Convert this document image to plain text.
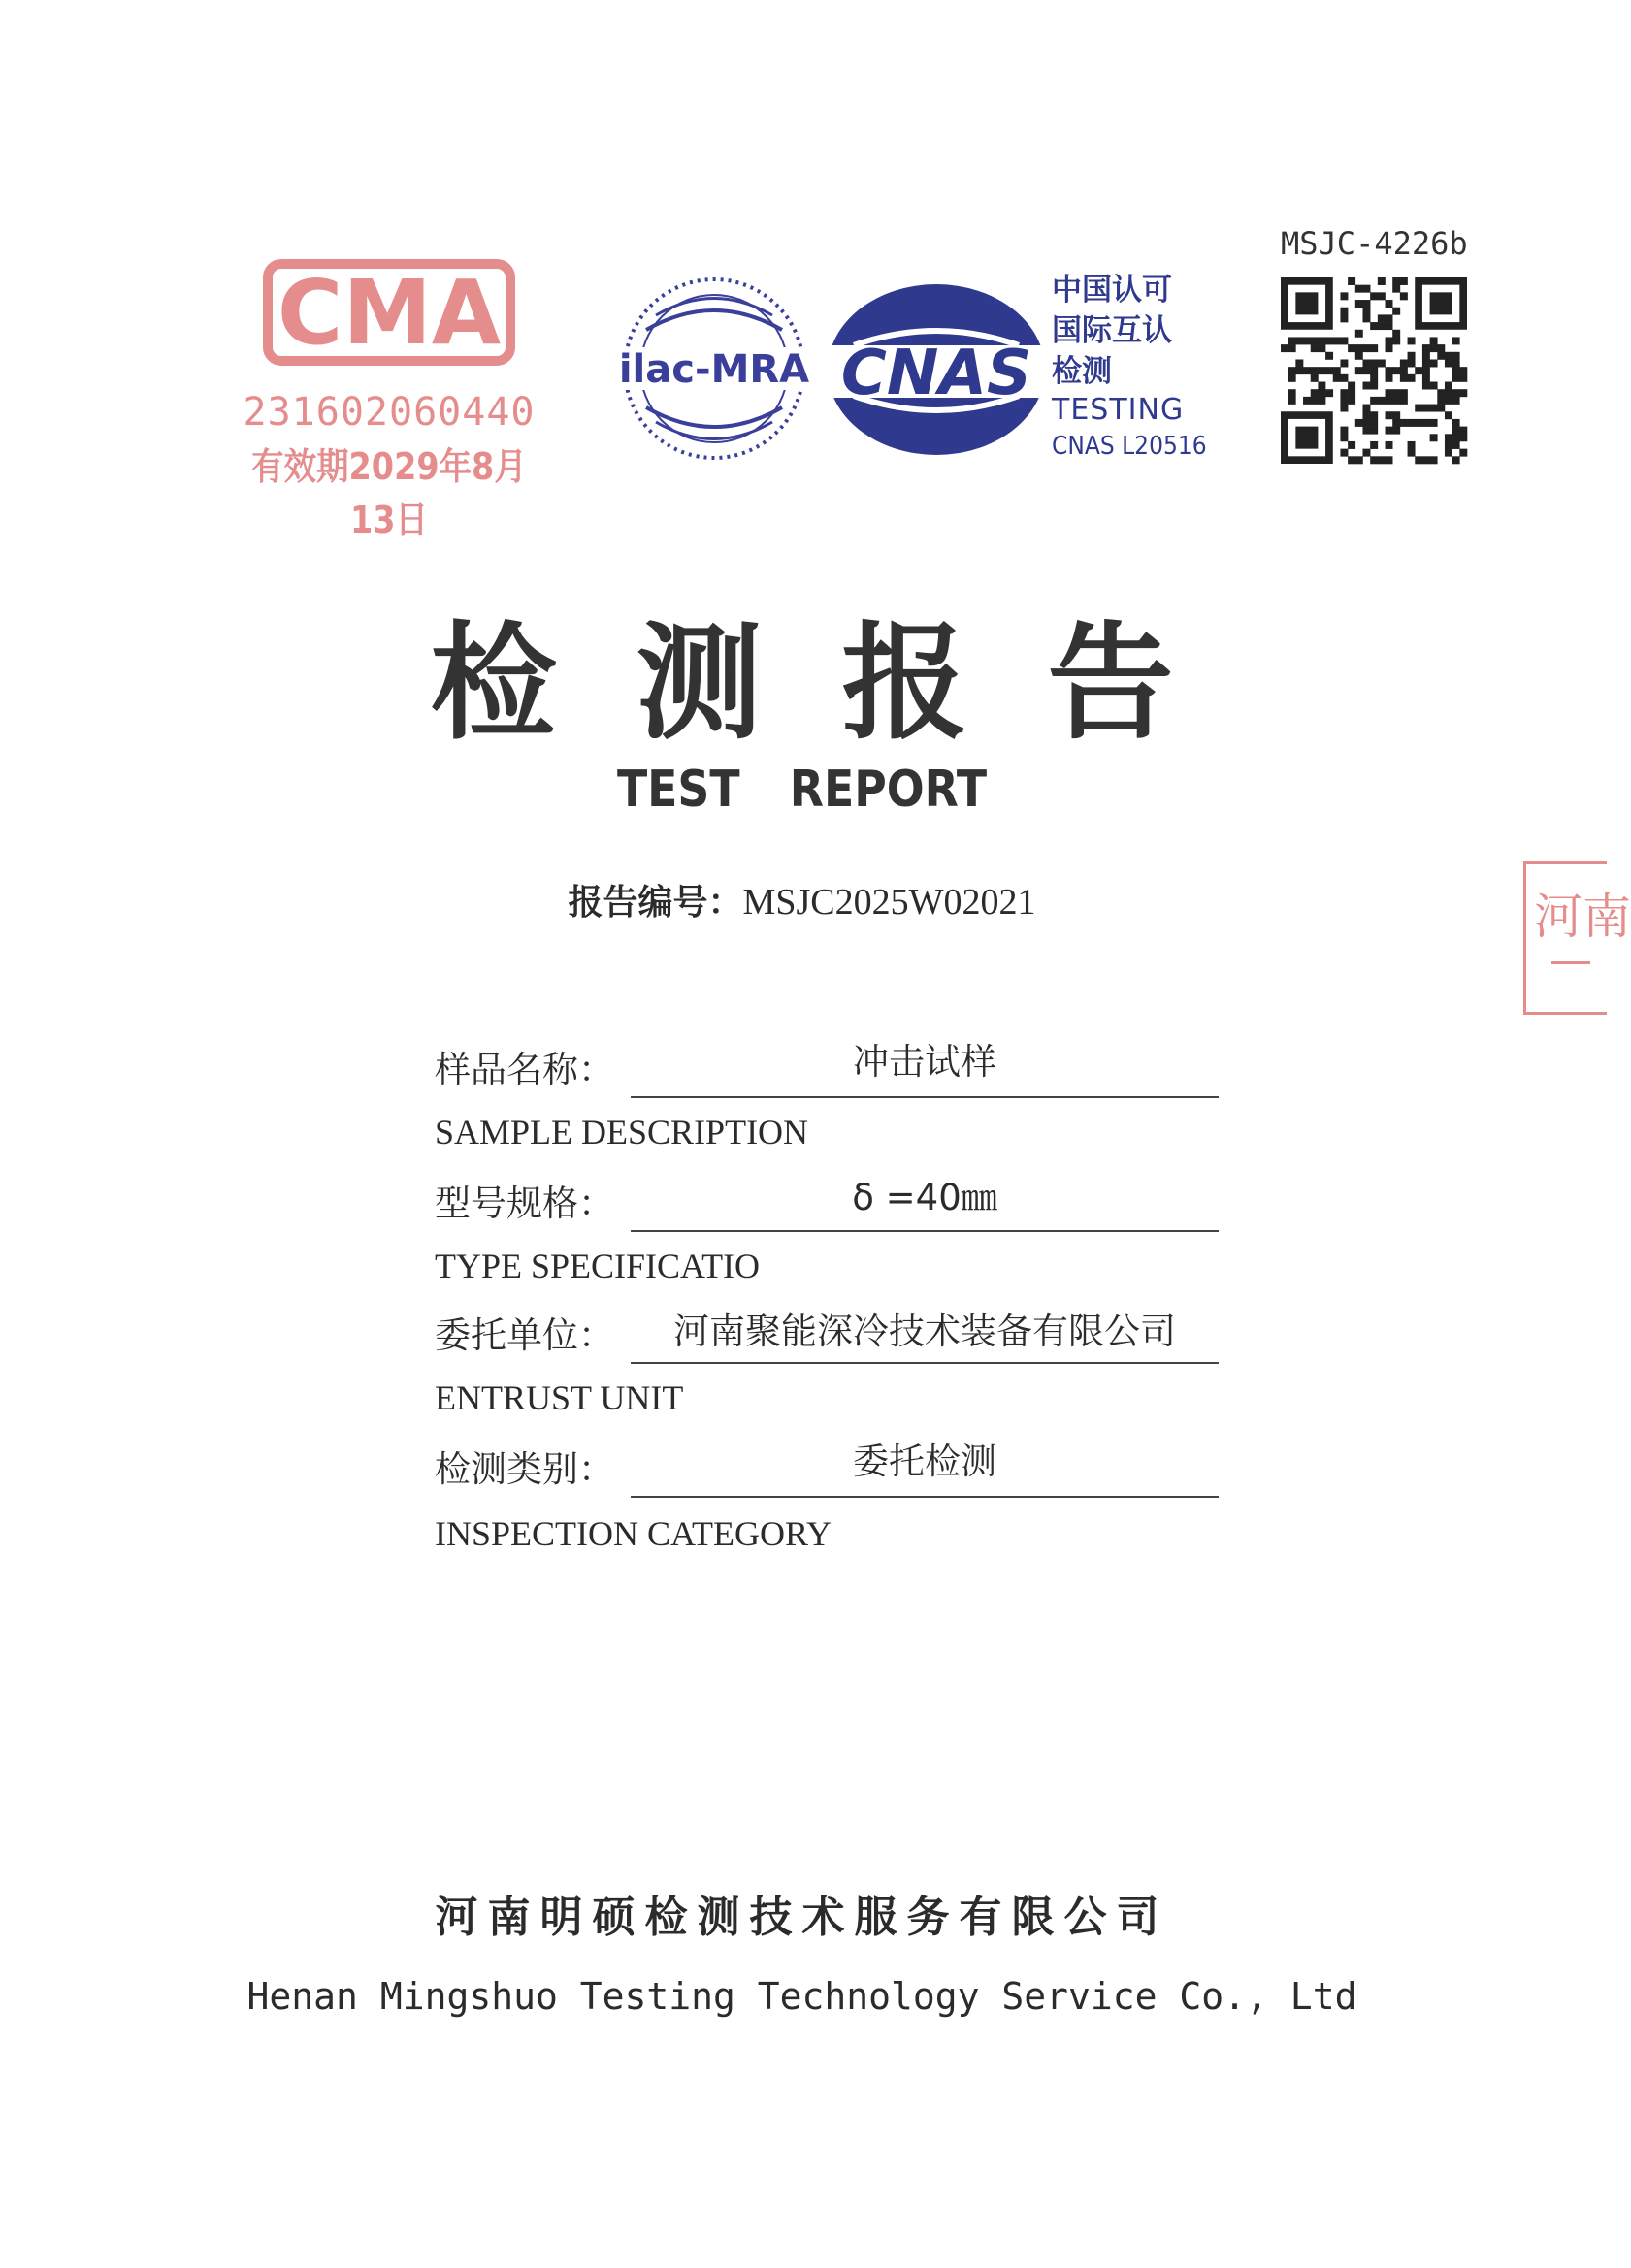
CMA
231602060440
有效期2029年8月13日
ilac-MRA CNAS
中国认可
国际互认
检测
TESTING
CNAS L20516
MSJC-4226b
河南
检测报告
TEST REPORT
报告编号：MSJC2025W02021
样品名称：	冲击试样
SAMPLE DESCRIPTION
型号规格：	δ =40㎜
TYPE SPECIFICATIO
委托单位：	河南聚能深冷技术装备有限公司
ENTRUST UNIT
检测类别：	委托检测
INSPECTION CATEGORY
河南明硕检测技术服务有限公司
Henan Mingshuo Testing Technology Service Co., Ltd
